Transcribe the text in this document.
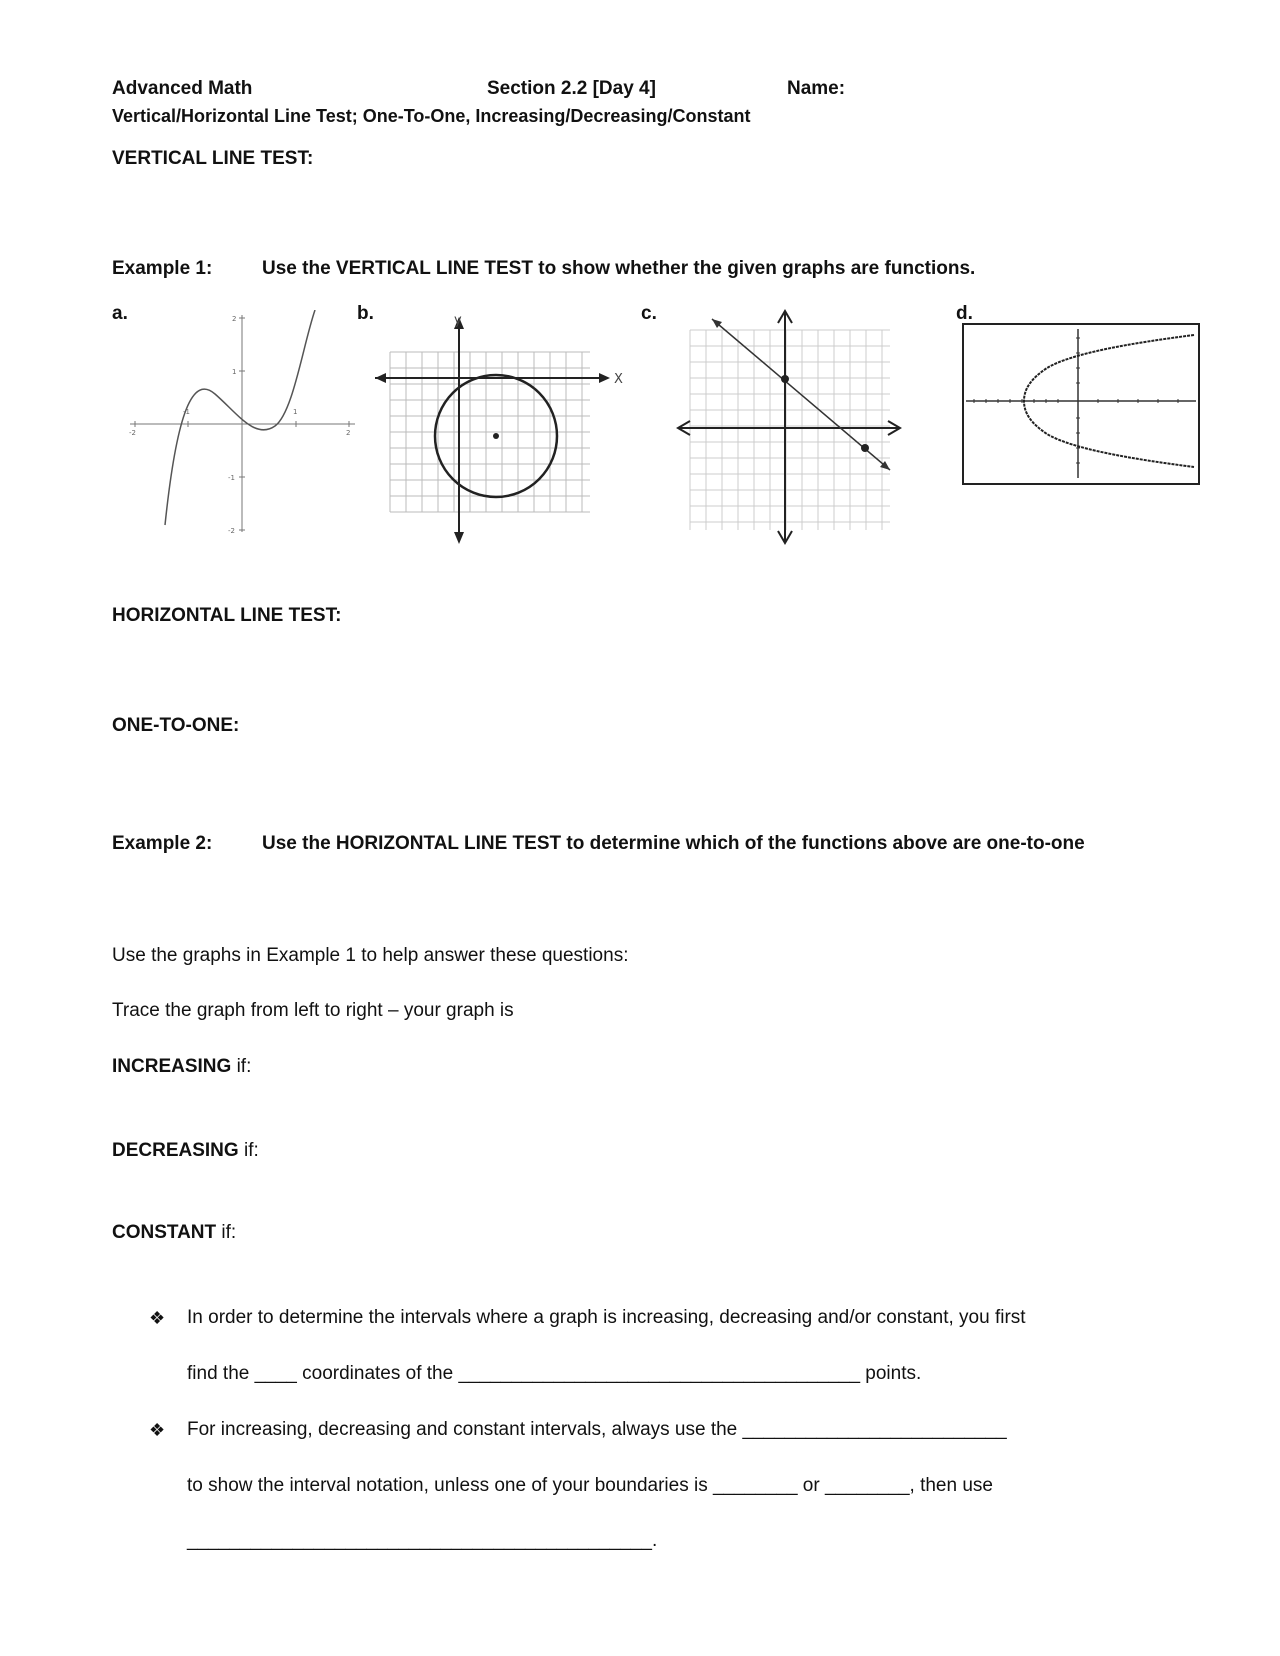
Advanced Math	Section 2.2 [Day 4]	Name:
Vertical/Horizontal Line Test; One-To-One, Increasing/Decreasing/Constant
VERTICAL LINE TEST:
Example 1:	Use the VERTICAL LINE TEST to show whether the given graphs are functions.
a.	b.	c.	d.
-2	2
1
-1
-2
1
-1
2	y
X
HORIZONTAL LINE TEST:
ONE-TO-ONE:
Example 2:	Use the HORIZONTAL LINE TEST to determine which of the functions above are one-to-one
Use the graphs in Example 1 to help answer these questions:
Trace the graph from left to right – your graph is
INCREASING if:
DECREASING if:
CONSTANT if:
❖ In order to determine the intervals where a graph is increasing, decreasing and/or constant, you first
find the ____ coordinates of the ______________________________________ points.
❖ For increasing, decreasing and constant intervals, always use the _________________________
to show the interval notation, unless one of your boundaries is ________ or ________, then use
____________________________________________.
